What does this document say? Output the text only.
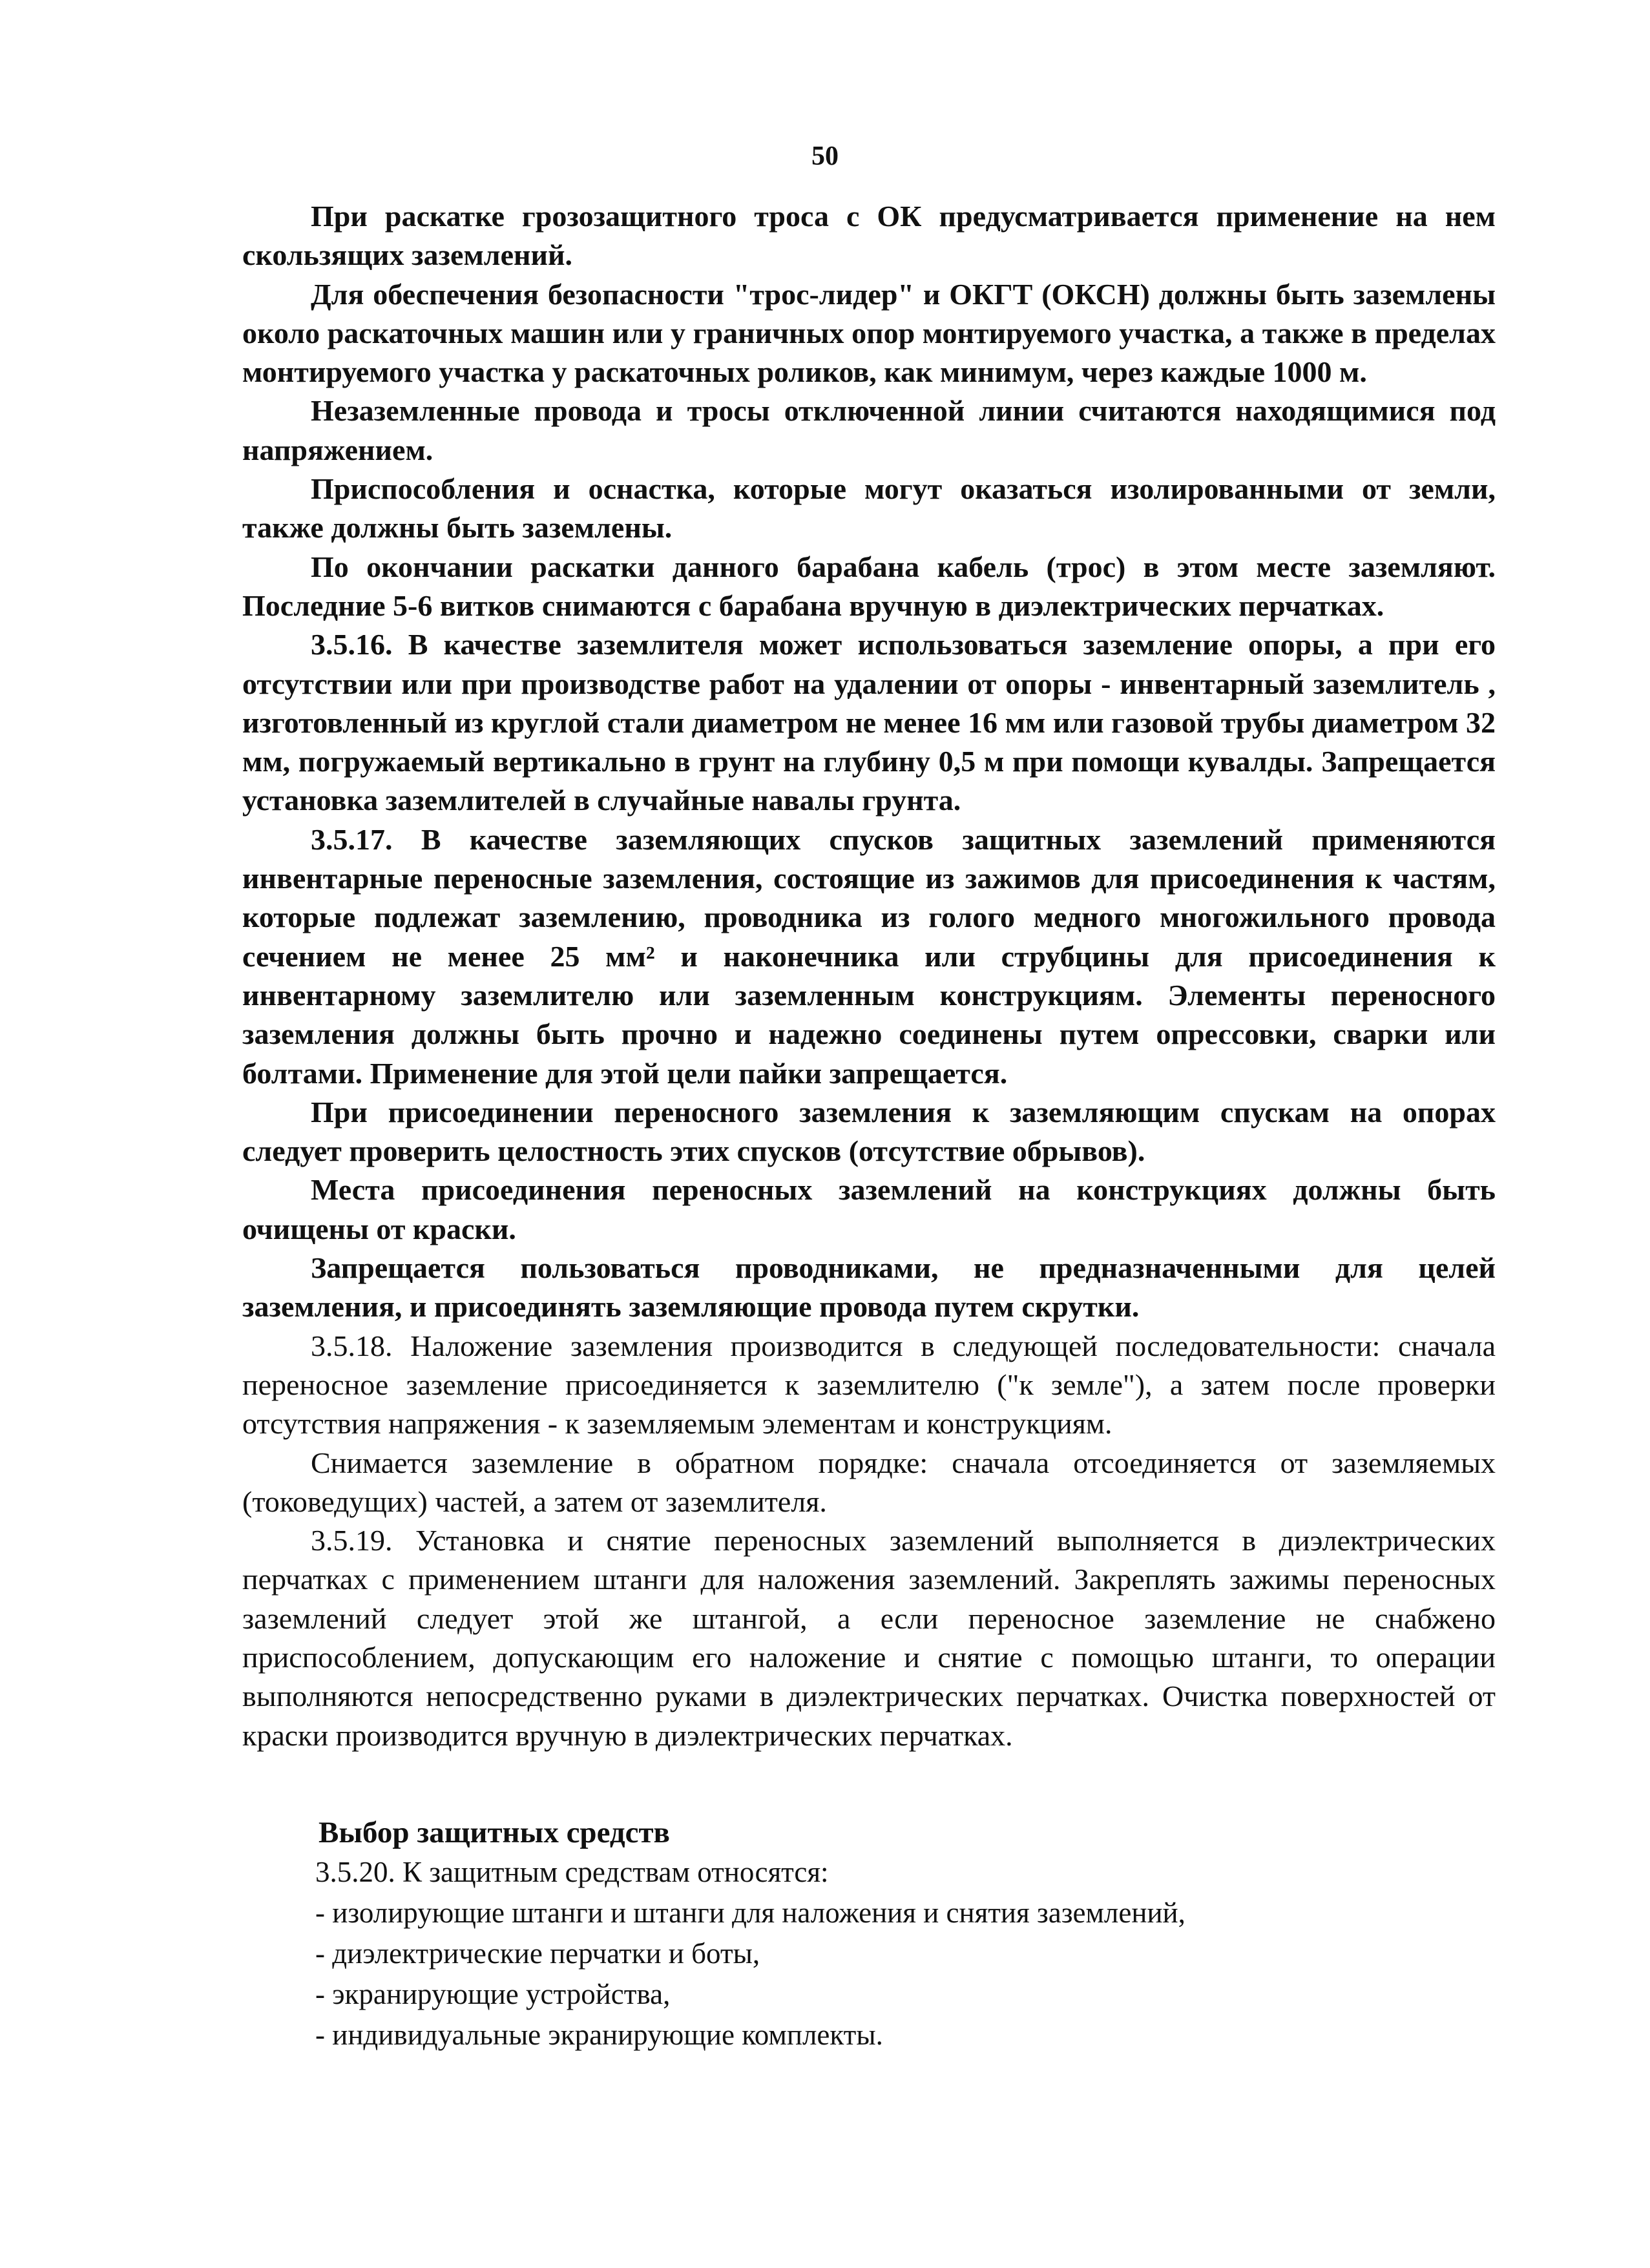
50

При раскатке грозозащитного троса с ОК предусматривается применение на нем скользящих заземлений.

Для обеспечения безопасности "трос-лидер" и ОКГТ (ОКСН) должны быть заземлены около раскаточных машин или у граничных опор монтируемого участка, а также в пределах монтируемого участка у раскаточных роликов, как минимум, через каждые 1000 м.

Незаземленные провода и тросы отключенной линии считаются находящимися под напряжением.

Приспособления и оснастка, которые могут оказаться изолированными от земли, также должны быть заземлены.

По окончании раскатки данного барабана кабель (трос) в этом месте заземляют. Последние 5-6 витков снимаются с барабана вручную в диэлектрических перчатках.

3.5.16. В качестве заземлителя может использоваться заземление опоры, а при его отсутствии или при производстве работ на удалении от опоры - инвентарный заземлитель , изготовленный из круглой стали диаметром не менее 16 мм или газовой трубы диаметром 32 мм, погружаемый вертикально в грунт на глубину 0,5 м при помощи кувалды. Запрещается установка заземлителей в случайные навалы грунта.

3.5.17. В качестве заземляющих спусков защитных заземлений применяются инвентарные переносные заземления, состоящие из зажимов для присоединения к частям, которые подлежат заземлению, проводника из голого медного многожильного провода сечением не менее 25 мм² и наконечника или струбцины для присоединения к инвентарному заземлителю или заземленным конструкциям. Элементы переносного заземления должны быть прочно и надежно соединены путем опрессовки, сварки или болтами. Применение для этой цели пайки запрещается.

При присоединении переносного заземления к заземляющим спускам на опорах следует проверить целостность этих спусков (отсутствие обрывов).

Места присоединения переносных заземлений на конструкциях должны быть очищены от краски.

Запрещается пользоваться проводниками, не предназначенными для целей заземления, и присоединять заземляющие провода путем скрутки.

3.5.18. Наложение заземления производится в следующей последовательности: сначала переносное заземление присоединяется к заземлителю ("к земле"), а затем после проверки отсутствия напряжения - к заземляемым элементам и конструкциям.

Снимается заземление в обратном порядке: сначала отсоединяется от заземляемых (токоведущих) частей, а затем от заземлителя.

3.5.19. Установка и снятие переносных заземлений выполняется в диэлектрических перчатках с применением штанги для наложения заземлений. Закреплять зажимы переносных заземлений следует этой же штангой, а если переносное заземление не снабжено приспособлением, допускающим его наложение и снятие с помощью штанги, то операции выполняются непосредственно руками в диэлектрических перчатках. Очистка поверхностей от краски производится вручную в диэлектрических перчатках.

Выбор защитных средств
3.5.20. К защитным средствам относятся:
- изолирующие штанги и штанги для наложения и снятия заземлений,
- диэлектрические перчатки и боты,
- экранирующие устройства,
- индивидуальные экранирующие комплекты.
